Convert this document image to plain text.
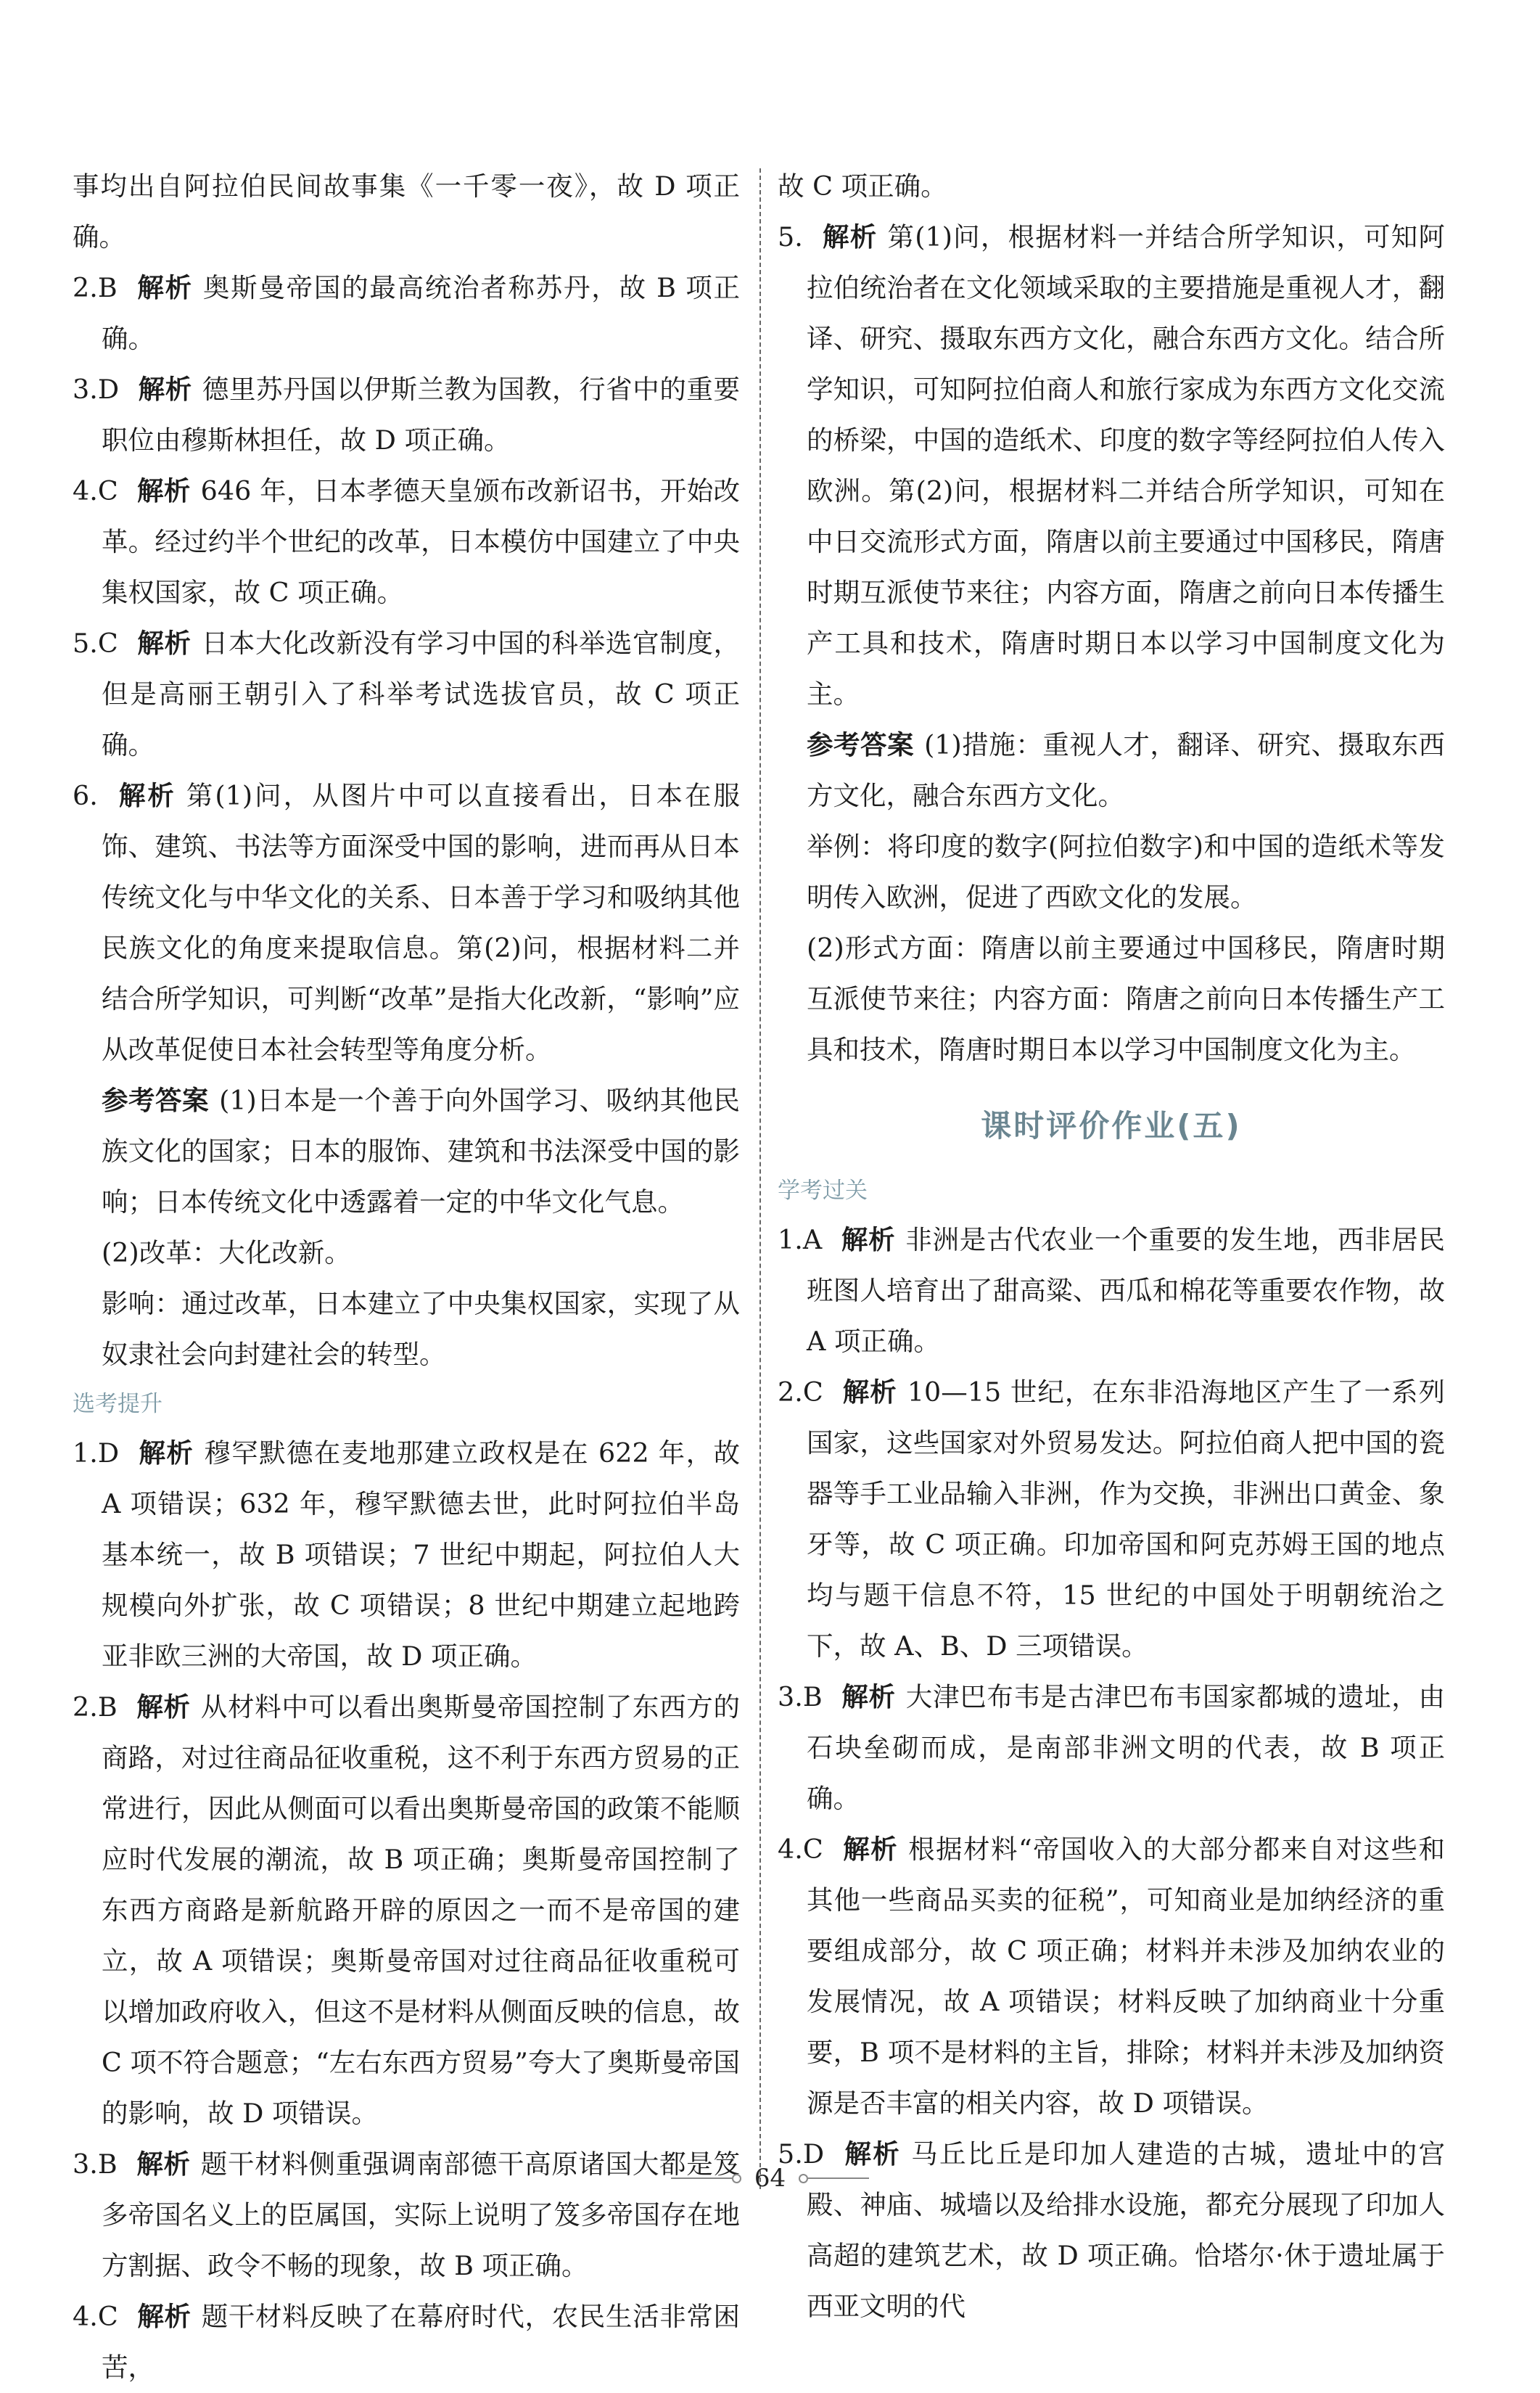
事均出自阿拉伯民间故事集《一千零一夜》，故 D 项正确。
2.B 解析 奥斯曼帝国的最高统治者称苏丹，故 B 项正确。
3.D 解析 德里苏丹国以伊斯兰教为国教，行省中的重要职位由穆斯林担任，故 D 项正确。
4.C 解析 646 年，日本孝德天皇颁布改新诏书，开始改革。经过约半个世纪的改革，日本模仿中国建立了中央集权国家，故 C 项正确。
5.C 解析 日本大化改新没有学习中国的科举选官制度，但是高丽王朝引入了科举考试选拔官员，故 C 项正确。
6. 解析 第(1)问，从图片中可以直接看出，日本在服饰、建筑、书法等方面深受中国的影响，进而再从日本传统文化与中华文化的关系、日本善于学习和吸纳其他民族文化的角度来提取信息。第(2)问，根据材料二并结合所学知识，可判断“改革”是指大化改新，“影响”应从改革促使日本社会转型等角度分析。
参考答案 (1)日本是一个善于向外国学习、吸纳其他民族文化的国家；日本的服饰、建筑和书法深受中国的影响；日本传统文化中透露着一定的中华文化气息。
(2)改革：大化改新。
影响：通过改革，日本建立了中央集权国家，实现了从奴隶社会向封建社会的转型。
选考提升
1.D 解析 穆罕默德在麦地那建立政权是在 622 年，故 A 项错误；632 年，穆罕默德去世，此时阿拉伯半岛基本统一，故 B 项错误；7 世纪中期起，阿拉伯人大规模向外扩张，故 C 项错误；8 世纪中期建立起地跨亚非欧三洲的大帝国，故 D 项正确。
2.B 解析 从材料中可以看出奥斯曼帝国控制了东西方的商路，对过往商品征收重税，这不利于东西方贸易的正常进行，因此从侧面可以看出奥斯曼帝国的政策不能顺应时代发展的潮流，故 B 项正确；奥斯曼帝国控制了东西方商路是新航路开辟的原因之一而不是帝国的建立，故 A 项错误；奥斯曼帝国对过往商品征收重税可以增加政府收入，但这不是材料从侧面反映的信息，故 C 项不符合题意；“左右东西方贸易”夸大了奥斯曼帝国的影响，故 D 项错误。
3.B 解析 题干材料侧重强调南部德干高原诸国大都是笈多帝国名义上的臣属国，实际上说明了笈多帝国存在地方割据、政令不畅的现象，故 B 项正确。
4.C 解析 题干材料反映了在幕府时代，农民生活非常困苦，
故 C 项正确。
5. 解析 第(1)问，根据材料一并结合所学知识，可知阿拉伯统治者在文化领域采取的主要措施是重视人才，翻译、研究、摄取东西方文化，融合东西方文化。结合所学知识，可知阿拉伯商人和旅行家成为东西方文化交流的桥梁，中国的造纸术、印度的数字等经阿拉伯人传入欧洲。第(2)问，根据材料二并结合所学知识，可知在中日交流形式方面，隋唐以前主要通过中国移民，隋唐时期互派使节来往；内容方面，隋唐之前向日本传播生产工具和技术，隋唐时期日本以学习中国制度文化为主。
参考答案 (1)措施：重视人才，翻译、研究、摄取东西方文化，融合东西方文化。
举例：将印度的数字(阿拉伯数字)和中国的造纸术等发明传入欧洲，促进了西欧文化的发展。
(2)形式方面：隋唐以前主要通过中国移民，隋唐时期互派使节来往；内容方面：隋唐之前向日本传播生产工具和技术，隋唐时期日本以学习中国制度文化为主。
课时评价作业(五)
学考过关
1.A 解析 非洲是古代农业一个重要的发生地，西非居民班图人培育出了甜高粱、西瓜和棉花等重要农作物，故 A 项正确。
2.C 解析 10—15 世纪，在东非沿海地区产生了一系列国家，这些国家对外贸易发达。阿拉伯商人把中国的瓷器等手工业品输入非洲，作为交换，非洲出口黄金、象牙等，故 C 项正确。印加帝国和阿克苏姆王国的地点均与题干信息不符，15 世纪的中国处于明朝统治之下，故 A、B、D 三项错误。
3.B 解析 大津巴布韦是古津巴布韦国家都城的遗址，由石块垒砌而成，是南部非洲文明的代表，故 B 项正确。
4.C 解析 根据材料“帝国收入的大部分都来自对这些和其他一些商品买卖的征税”，可知商业是加纳经济的重要组成部分，故 C 项正确；材料并未涉及加纳农业的发展情况，故 A 项错误；材料反映了加纳商业十分重要，B 项不是材料的主旨，排除；材料并未涉及加纳资源是否丰富的相关内容，故 D 项错误。
5.D 解析 马丘比丘是印加人建造的古城，遗址中的宫殿、神庙、城墙以及给排水设施，都充分展现了印加人高超的建筑艺术，故 D 项正确。恰塔尔·休于遗址属于西亚文明的代
64
